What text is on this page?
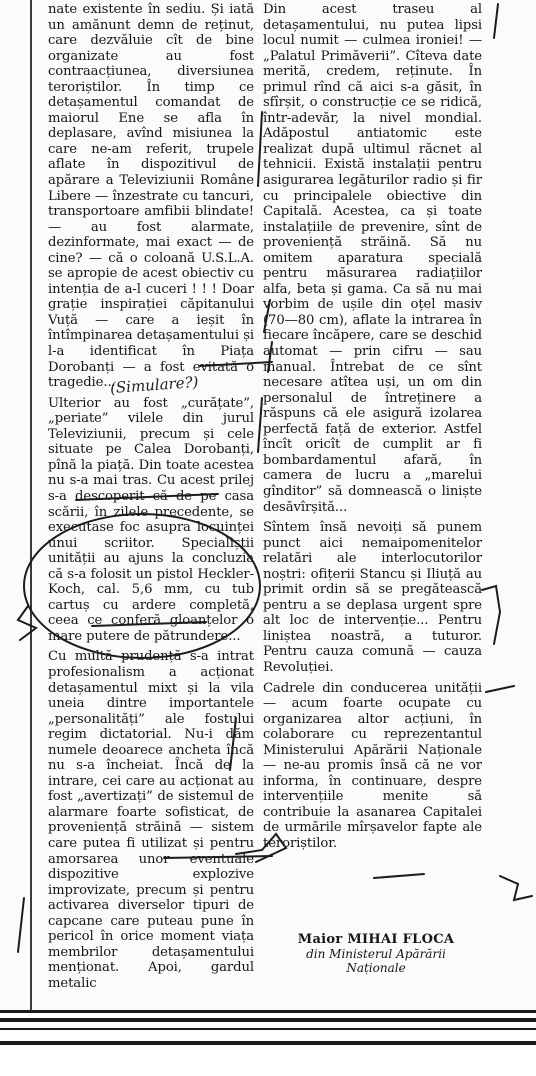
nate existente în sediu. Și iată un amănunt demn de reținut, care dezvăluie cît de bine organizate au fost contraacțiunea, diversiunea teroriștilor. În timp ce detașamentul comandat de maiorul Ene se afla în deplasare, avînd misiunea la care ne-am referit, trupele aflate în dispozitivul de apărare a Televiziunii Române Libere — înzestrate cu tancuri, transportoare amfibii blindate! — au fost alarmate, dezinformate, mai exact — de cine? — că o coloană U.S.L.A. se apropie de acest obiectiv cu intenția de a-l cuceri ! ! ! Doar grație inspirației căpitanului Vuță — care a ieșit în întîmpinarea detașamentului și l-a identificat în Piața Dorobanți — a fost evitată o tragedie...

Ulterior au fost „curățate”, „periate” vilele din jurul Televiziunii, precum și cele situate pe Calea Dorobanți, pînă la piață. Din toate acestea nu s-a mai tras. Cu acest prilej s-a descoperit că de pe casa scării, în zilele precedente, se executase foc asupra locuinței unui scriitor. Specialiștii unității au ajuns la concluzia că s-a folosit un pistol Heckler-Koch, cal. 5,6 mm, cu tub cartuș cu ardere completă, ceea ce conferă gloanțelor o mare putere de pătrundere...

Cu multă prudență s-a intrat profesionalism a acționat detașamentul mixt și la vila uneia dintre importantele „personalități” ale fostului regim dictatorial. Nu-i dăm numele deoarece ancheta încă nu s-a încheiat. Încă de la intrare, cei care au acționat au fost „avertizați” de sistemul de alarmare foarte sofisticat, de proveniență străină — sistem care putea fi utilizat și pentru amorsarea unor eventuale dispozitive explozive improvizate, precum și pentru activarea diverselor tipuri de capcane care puteau pune în pericol în orice moment viața membrilor detașamentului menționat. Apoi, gardul metalic

Din acest traseu al detașamentului, nu putea lipsi locul numit — culmea ironiei! — „Palatul Primăverii”. Cîteva date merită, credem, reținute. În primul rînd că aici s-a găsit, în sfîrșit, o construcție ce se ridică, într-adevăr, la nivel mondial. Adăpostul antiatomic este realizat după ultimul răcnet al tehnicii. Există instalații pentru asigurarea legăturilor radio și fir cu principalele obiective din Capitală. Acestea, ca și toate instalațiile de prevenire, sînt de proveniență străină. Să nu omitem aparatura specială pentru măsurarea radiațiilor alfa, beta și gama. Ca să nu mai vorbim de ușile din oțel masiv (70—80 cm), aflate la intrarea în fiecare încăpere, care se deschid automat — prin cifru — sau manual. Întrebat de ce sînt necesare atîtea uși, un om din personalul de întreținere a răspuns că ele asigură izolarea perfectă față de exterior. Astfel încît oricît de cumplit ar fi bombardamentul afară, în camera de lucru a „marelui gînditor” să domnească o liniște desăvîrșită...

Sîntem însă nevoiți să punem punct aici nemaipomenitelor relatări ale interlocutorilor noștri: ofițerii Stancu și Iliuță au primit ordin să se pregătească pentru a se deplasa urgent spre alt loc de intervenție... Pentru liniștea noastră, a tuturor. Pentru cauza comună — cauza Revoluției.

Cadrele din conducerea unității — acum foarte ocupate cu organizarea altor acțiuni, în colaborare cu reprezentantul Ministerului Apărării Naționale — ne-au promis însă că ne vor informa, în continuare, despre intervențiile menite să contribuie la asanarea Capitalei de urmările mîrșavelor fapte ale teroriștilor.

Maior MIHAI FLOCA
din Ministerul Apărării Naționale
(Simulare?)
